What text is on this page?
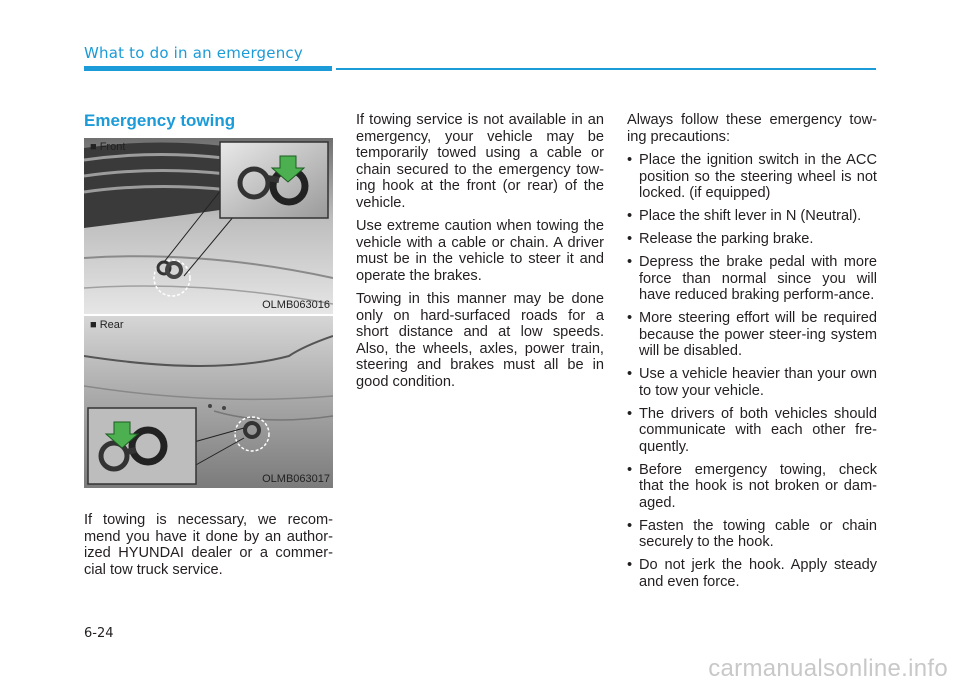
What to do in an emergency
Emergency towing
■ Front
OLMB063016
■ Rear
OLMB063017
If towing is necessary, we recom-mend you have it done by an author-ized HYUNDAI dealer or a commer-cial tow truck service.

If towing service is not available in an emergency, your vehicle may be temporarily towed using a cable or chain secured to the emergency tow-ing hook at the front (or rear) of the vehicle.

Use extreme caution when towing the vehicle with a cable or chain. A driver must be in the vehicle to steer it and operate the brakes.

Towing in this manner may be done only on hard-surfaced roads for a short distance and at low speeds. Also, the wheels, axles, power train, steering and brakes must all be in good condition.

Always follow these emergency tow-ing precautions:

• Place the ignition switch in the ACC position so the steering wheel is not locked. (if equipped)
• Place the shift lever in N (Neutral).
• Release the parking brake.
• Depress the brake pedal with more force than normal since you will have reduced braking perform-ance.
• More steering effort will be required because the power steer-ing system will be disabled.
• Use a vehicle heavier than your own to tow your vehicle.
• The drivers of both vehicles should communicate with each other fre-quently.
• Before emergency towing, check that the hook is not broken or dam-aged.
• Fasten the towing cable or chain securely to the hook.
• Do not jerk the hook. Apply steady and even force.
6-24
carmanualsonline.info
